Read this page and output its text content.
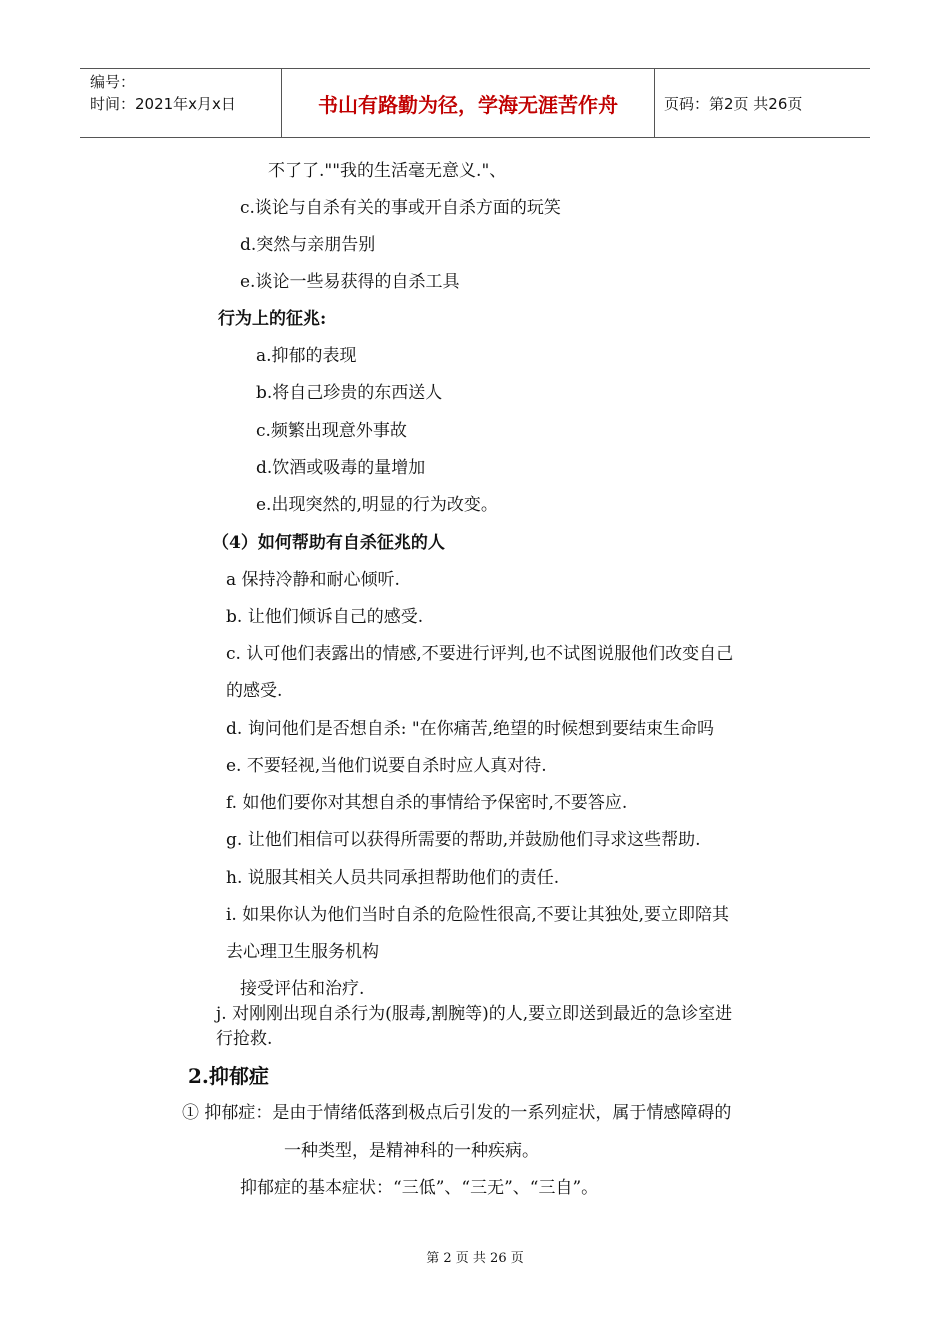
编号：
时间：2021年x月x日	书山有路勤为径，学海无涯苦作舟	页码：第2页 共26页
不了了.""我的生活毫无意义."、
c.谈论与自杀有关的事或开自杀方面的玩笑
d.突然与亲朋告别
e.谈论一些易获得的自杀工具
行为上的征兆:
a.抑郁的表现
b.将自己珍贵的东西送人
c.频繁出现意外事故
d.饮酒或吸毒的量增加
e.出现突然的,明显的行为改变。
（4）如何帮助有自杀征兆的人
a 保持冷静和耐心倾听.
b. 让他们倾诉自己的感受.
c. 认可他们表露出的情感,不要进行评判,也不试图说服他们改变自己
的感受.
d. 询问他们是否想自杀: "在你痛苦,绝望的时候想到要结束生命吗
e. 不要轻视,当他们说要自杀时应人真对待.
f. 如他们要你对其想自杀的事情给予保密时,不要答应.
g. 让他们相信可以获得所需要的帮助,并鼓励他们寻求这些帮助.
h. 说服其相关人员共同承担帮助他们的责任.
i. 如果你认为他们当时自杀的危险性很高,不要让其独处,要立即陪其
去心理卫生服务机构
接受评估和治疗.
j. 对刚刚出现自杀行为(服毒,割腕等)的人,要立即送到最近的急诊室进
行抢救.
2.抑郁症
① 抑郁症：是由于情绪低落到极点后引发的一系列症状，属于情感障碍的
一种类型，是精神科的一种疾病。
抑郁症的基本症状：“三低”、“三无”、“三自”。
第 2 页 共 26 页
